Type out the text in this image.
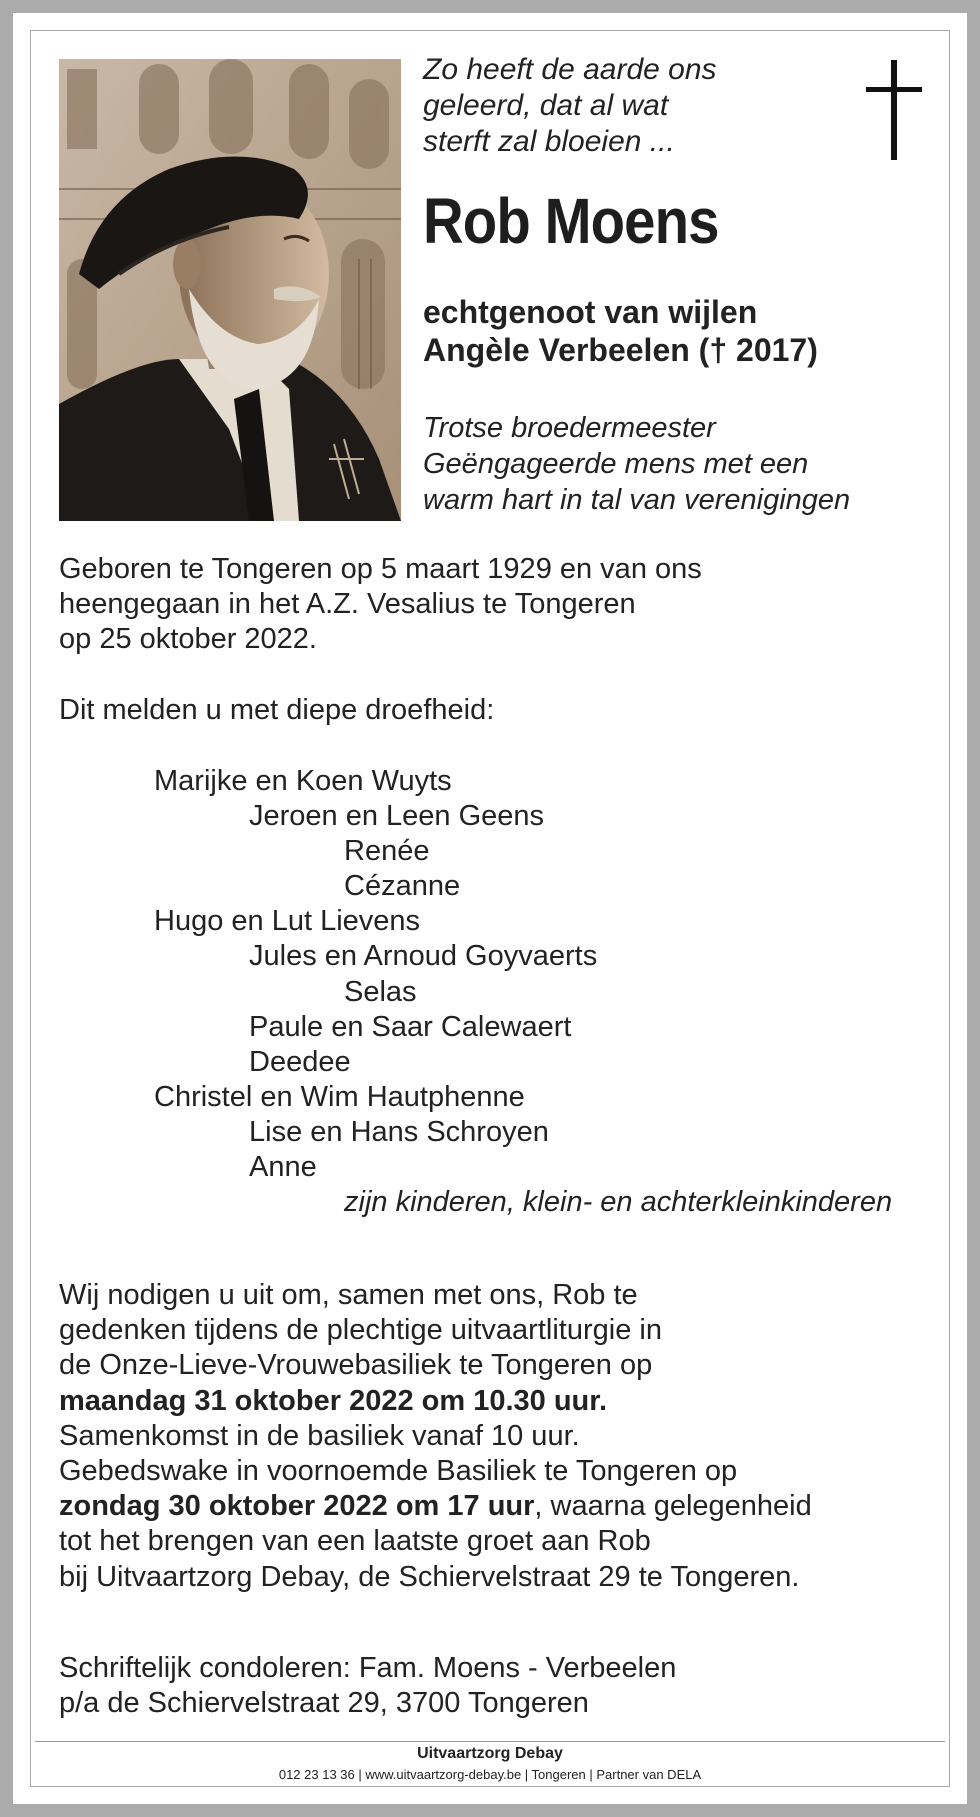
Zo heeft de aarde ons
geleerd, dat al wat
sterft zal bloeien ...
Rob Moens
echtgenoot van wijlen
Angèle Verbeelen († 2017)
Trotse broedermeester
Geëngageerde mens met een
warm hart in tal van verenigingen
Geboren te Tongeren op 5 maart 1929 en van ons
heengegaan in het A.Z. Vesalius te Tongeren
op 25 oktober 2022.
Dit melden u met diepe droefheid:
Marijke en Koen Wuyts
Jeroen en Leen Geens
Renée
Cézanne
Hugo en Lut Lievens
Jules en Arnoud Goyvaerts
Selas
Paule en Saar Calewaert
Deedee
Christel en Wim Hautphenne
Lise en Hans Schroyen
Anne
zijn kinderen, klein- en achterkleinkinderen
Wij nodigen u uit om, samen met ons, Rob te
gedenken tijdens de plechtige uitvaartliturgie in
de Onze-Lieve-Vrouwebasiliek te Tongeren op
maandag 31 oktober 2022 om 10.30 uur.
Samenkomst in de basiliek vanaf 10 uur.
Gebedswake in voornoemde Basiliek te Tongeren op
zondag 30 oktober 2022 om 17 uur, waarna gelegenheid
tot het brengen van een laatste groet aan Rob
bij Uitvaartzorg Debay, de Schiervelstraat 29 te Tongeren.
Schriftelijk condoleren: Fam. Moens - Verbeelen
p/a de Schiervelstraat 29, 3700 Tongeren
Uitvaartzorg Debay
012 23 13 36 | www.uitvaartzorg-debay.be | Tongeren | Partner van DELA
